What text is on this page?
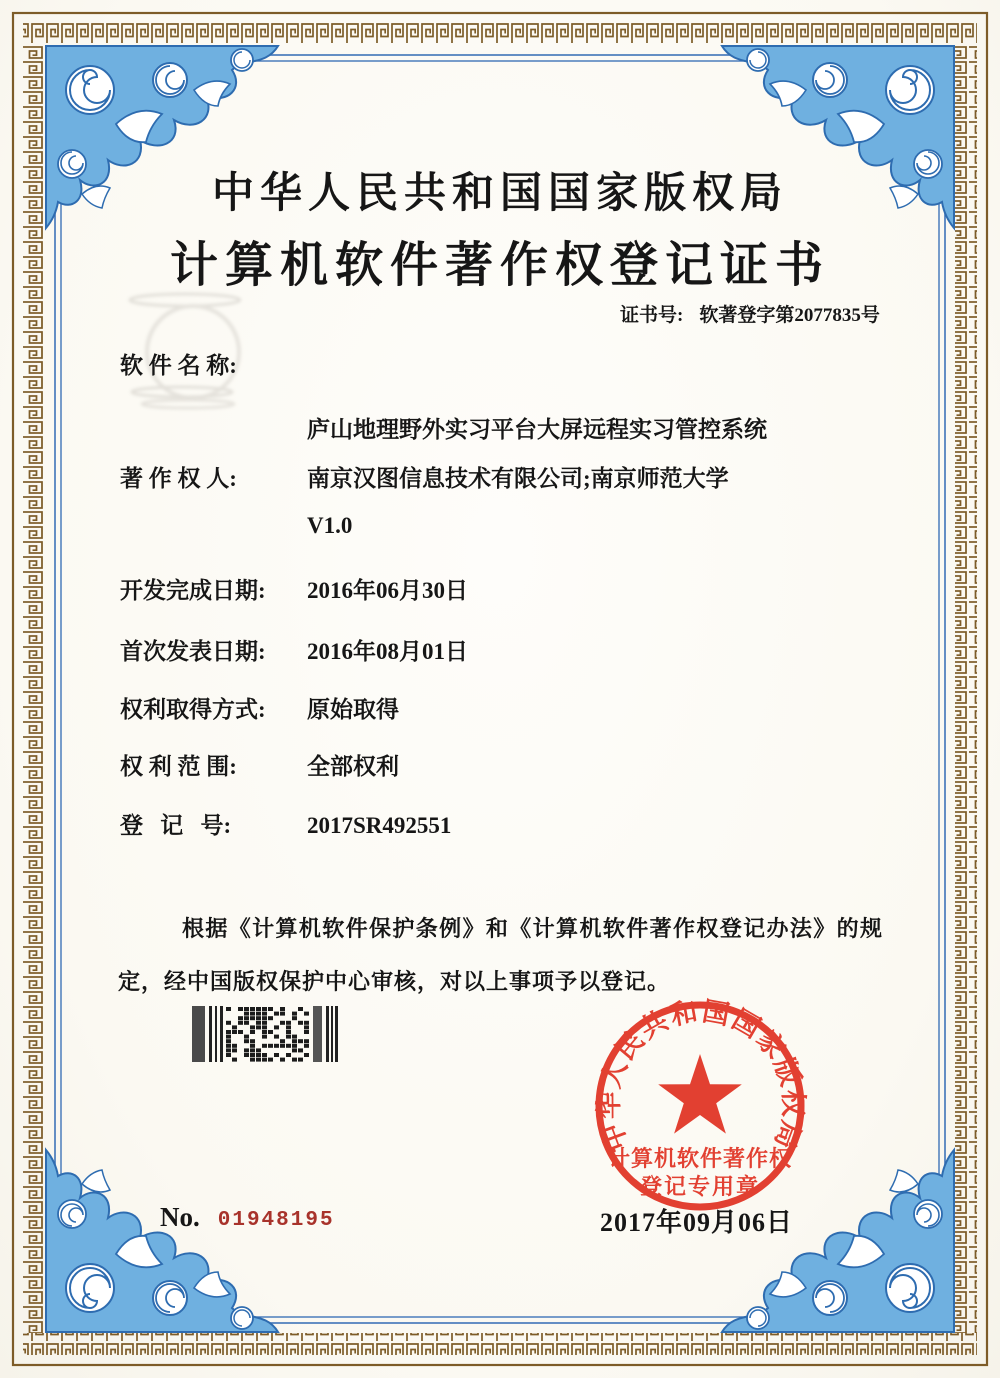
中华人民共和国国家版权局
计算机软件著作权
登记专用章
中华人民共和国国家版权局
计算机软件著作权登记证书
证书号: 软著登字第2077835号
软 件 名 称:

庐山地理野外实习平台大屏远程实习管控系统

V1.0

著 作 权 人:	南京汉图信息技术有限公司;南京师范大学
开发完成日期:	2016年06月30日
首次发表日期:	2016年08月01日
权利取得方式:	原始取得
权 利 范 围:	全部权利
登   记   号:	2017SR492551

根据《计算机软件保护条例》和《计算机软件著作权登记办法》的规定，经中国版权保护中心审核，对以上事项予以登记。

2017年09月06日
No. 01948195
